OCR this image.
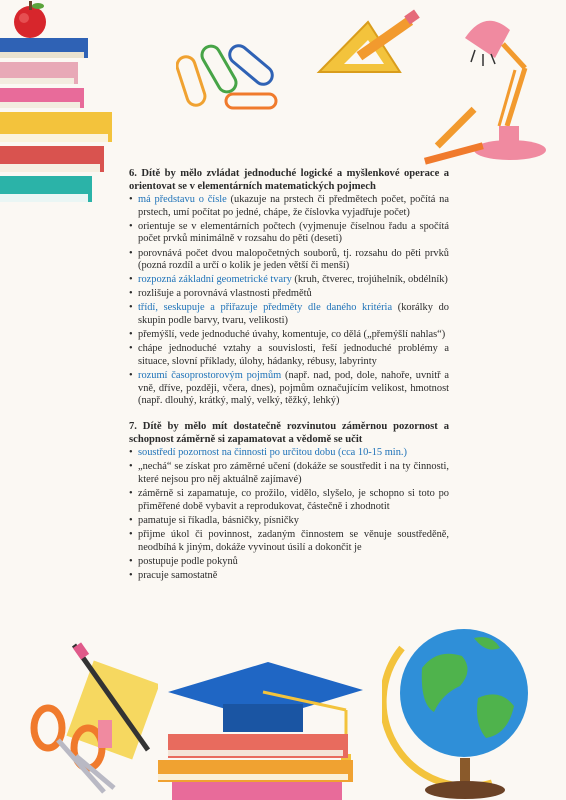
6. Dítě by mělo zvládat jednoduché logické a myšlenkové operace a orientovat se v elementárních matematických pojmech

• má představu o čísle (ukazuje na prstech či předmětech počet, počítá na prstech, umí počítat po jedné, chápe, že číslovka vyjadřuje počet)
• orientuje se v elementárních počtech (vyjmenuje číselnou řadu a spočítá počet prvků minimálně v rozsahu do pěti (deseti)
• porovnává počet dvou malopočetných souborů, tj. rozsahu do pěti prvků (pozná rozdíl a určí o kolik je jeden větší či menší)
• rozpozná základní geometrické tvary (kruh, čtverec, trojúhelník, obdélník)
• rozlišuje a porovnává vlastnosti předmětů
• třídí, seskupuje a přiřazuje předměty dle daného kritéria (korálky do skupin podle barvy, tvaru, velikosti)
• přemýšlí, vede jednoduché úvahy, komentuje, co dělá („přemýšlí nahlas“)
• chápe jednoduché vztahy a souvislosti, řeší jednoduché problémy a situace, slovní příklady, úlohy, hádanky, rébusy, labyrinty
• rozumí časoprostorovým pojmům (např. nad, pod, dole, nahoře, uvnitř a vně, dříve, později, včera, dnes), pojmům označujícím velikost, hmotnost (např. dlouhý, krátký, malý, velký, těžký, lehký)

7. Dítě by mělo mít dostatečně rozvinutou záměrnou pozornost a schopnost záměrně si zapamatovat a vědomě se učit

• soustředí pozornost na činnosti po určitou dobu (cca 10-15 min.)
• „nechá“ se získat pro záměrné učení (dokáže se soustředit i na ty činnosti, které nejsou pro něj aktuálně zajímavé)
• záměrně si zapamatuje, co prožilo, vidělo, slyšelo, je schopno si toto po přiměřené době vybavit a reprodukovat, částečně i zhodnotit
• pamatuje si říkadla, básničky, písničky
• přijme úkol či povinnost, zadaným činnostem se věnuje soustředěně, neodbíhá k jiným, dokáže vyvinout úsilí a dokončit je
• postupuje podle pokynů
• pracuje samostatně
